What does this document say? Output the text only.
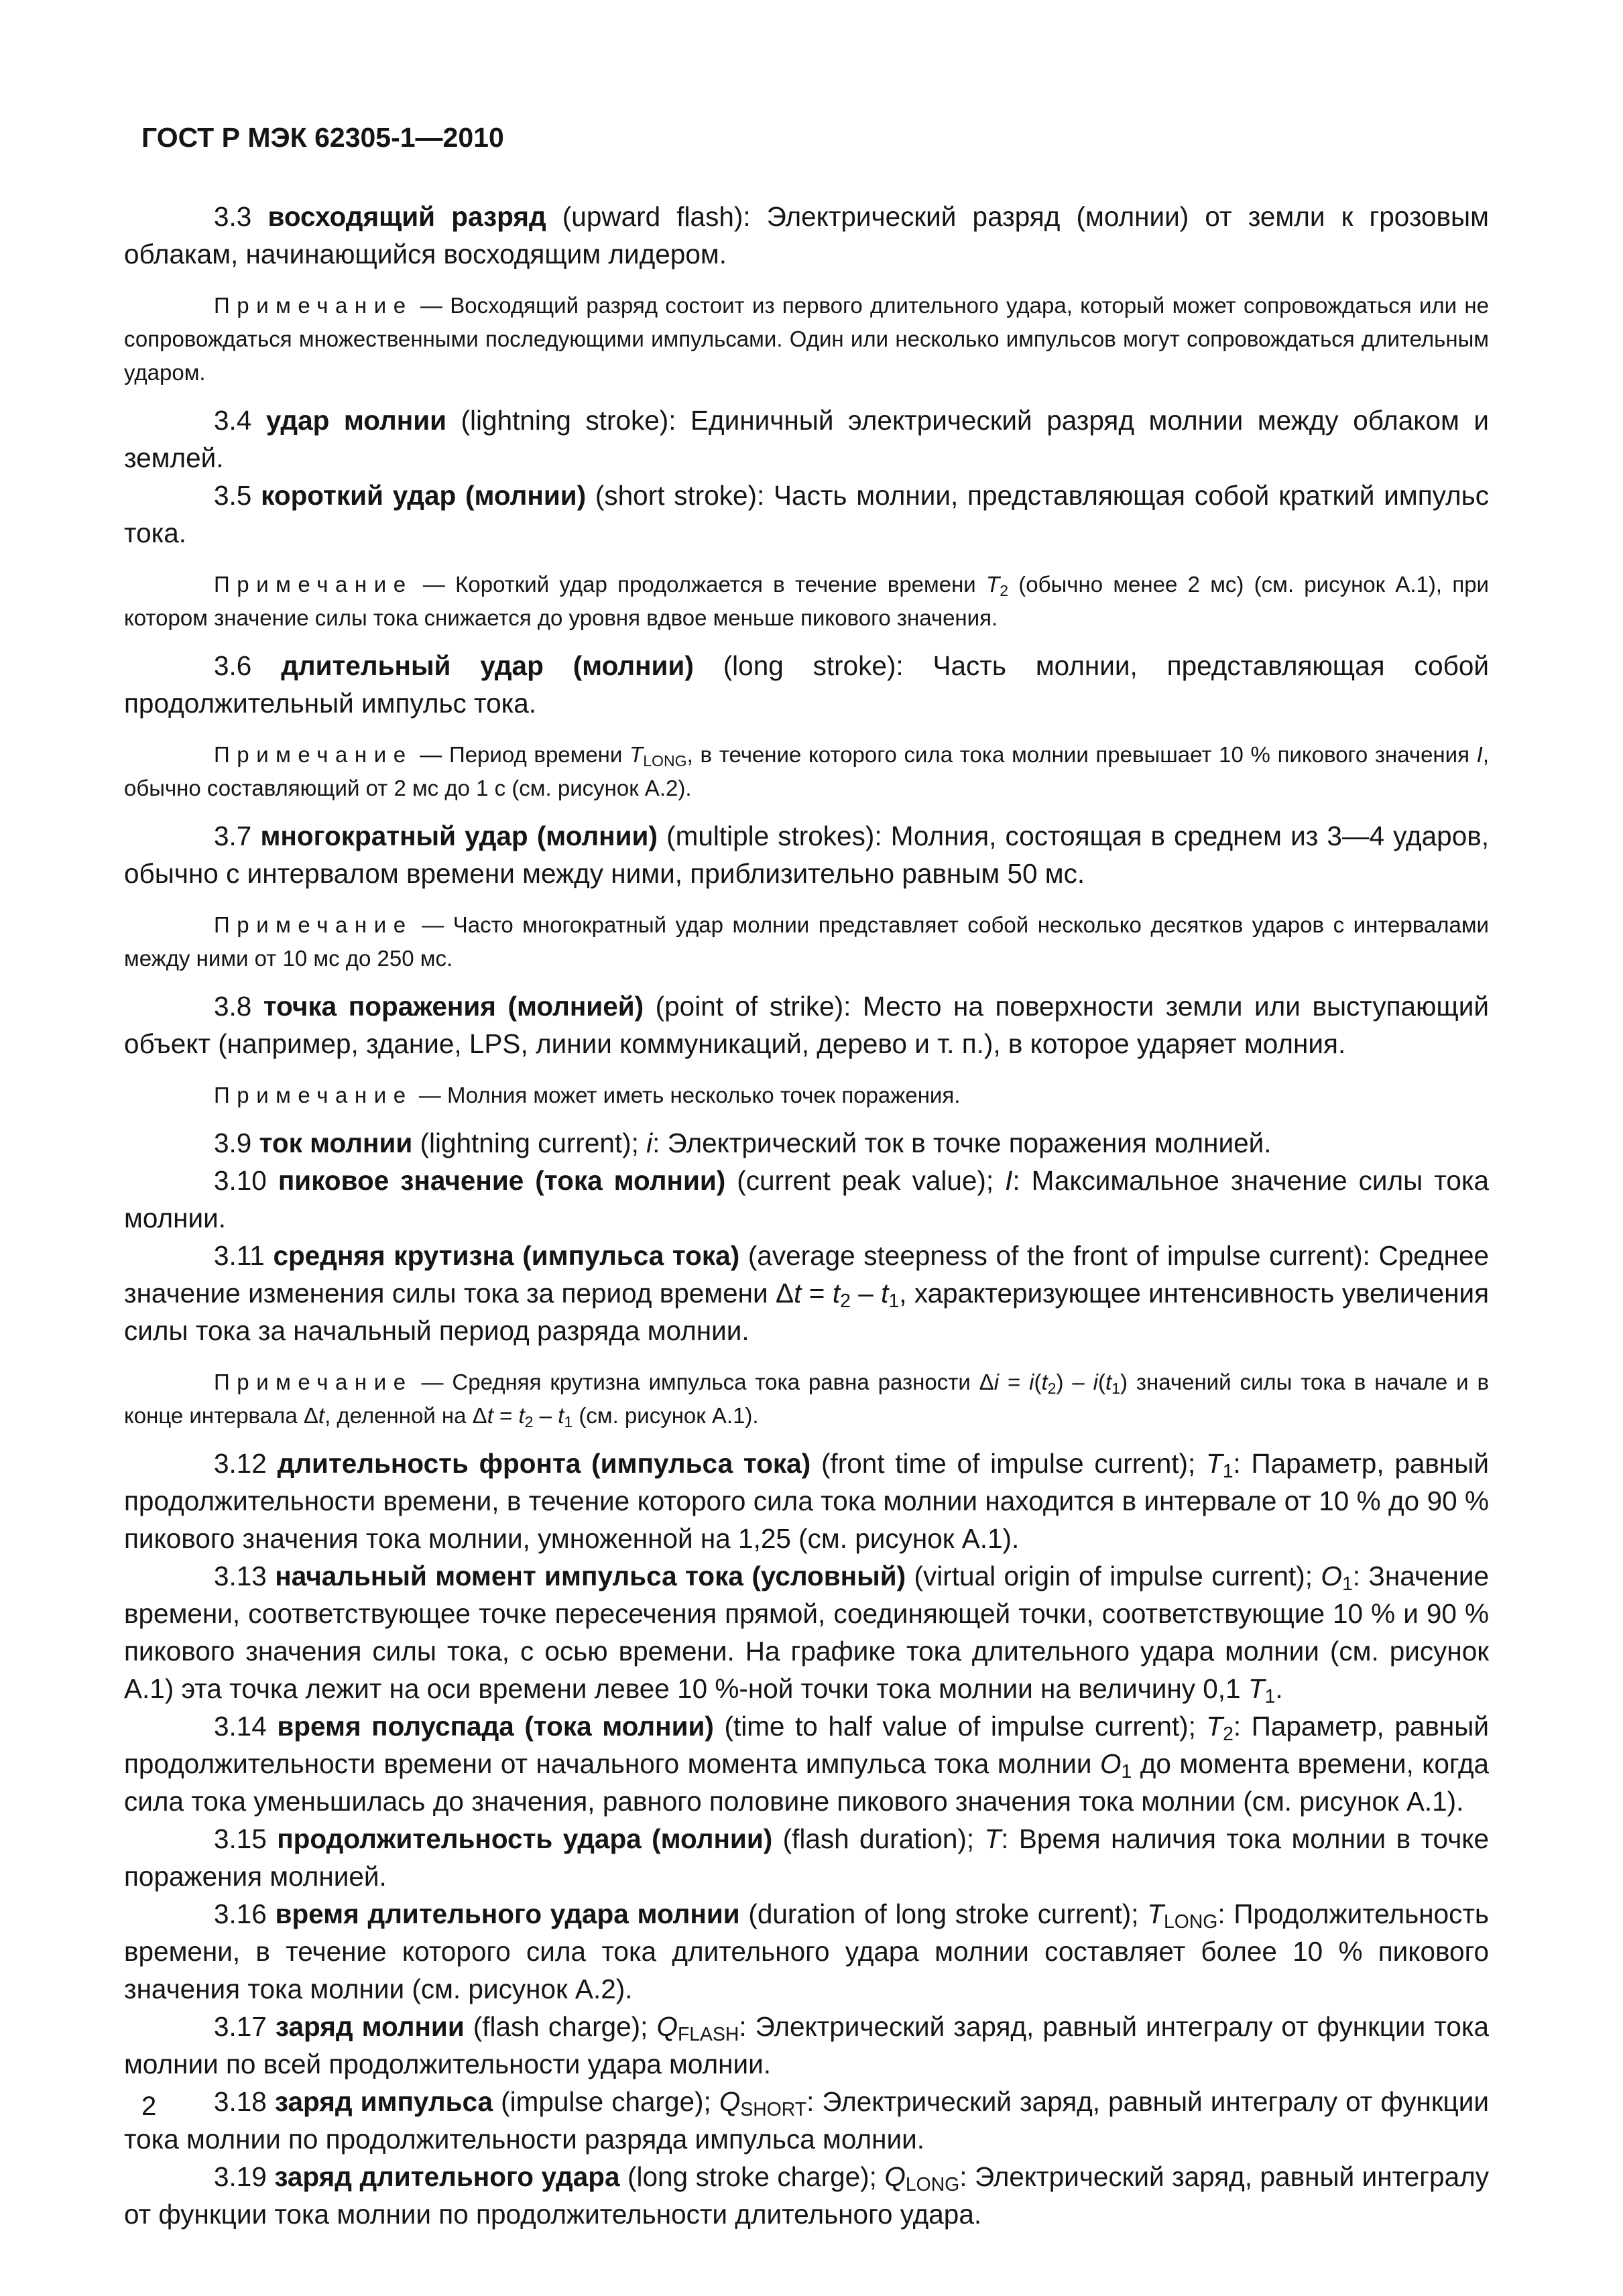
ГОСТ Р МЭК 62305-1—2010

3.3 восходящий разряд (upward flash): Электрический разряд (молнии) от земли к грозовым облакам, начинающийся восходящим лидером.

Примечание — Восходящий разряд состоит из первого длительного удара, который может сопровождаться или не сопровождаться множественными последующими импульсами. Один или несколько импульсов могут сопровождаться длительным ударом.

3.4 удар молнии (lightning stroke): Единичный электрический разряд молнии между облаком и землей.

3.5 короткий удар (молнии) (short stroke): Часть молнии, представляющая собой краткий импульс тока.

Примечание — Короткий удар продолжается в течение времени $T_2$ (обычно менее 2 мс) (см. рисунок А.1), при котором значение силы тока снижается до уровня вдвое меньше пикового значения.

3.6 длительный удар (молнии) (long stroke): Часть молнии, представляющая собой продолжительный импульс тока.

Примечание — Период времени $T_{LONG}$, в течение которого сила тока молнии превышает 10 % пикового значения I, обычно составляющий от 2 мс до 1 с (см. рисунок А.2).

3.7 многократный удар (молнии) (multiple strokes): Молния, состоящая в среднем из 3—4 ударов, обычно с интервалом времени между ними, приблизительно равным 50 мс.

Примечание — Часто многократный удар молнии представляет собой несколько десятков ударов с интервалами между ними от 10 мс до 250 мс.

3.8 точка поражения (молнией) (point of strike): Место на поверхности земли или выступающий объект (например, здание, LPS, линии коммуникаций, дерево и т. п.), в которое ударяет молния.

Примечание — Молния может иметь несколько точек поражения.

3.9 ток молнии (lightning current); i: Электрический ток в точке поражения молнией.

3.10 пиковое значение (тока молнии) (current peak value); I: Максимальное значение силы тока молнии.

3.11 средняя крутизна (импульса тока) (average steepness of the front of impulse current): Среднее значение изменения силы тока за период времени $\Delta t = t_2 - t_1$, характеризующее интенсивность увеличения силы тока за начальный период разряда молнии.

Примечание — Средняя крутизна импульса тока равна разности $\Delta i = i(t_2) - i(t_1)$ значений силы тока в начале и в конце интервала Δt, деленной на $\Delta t = t_2 - t_1$ (см. рисунок А.1).

3.12 длительность фронта (импульса тока) (front time of impulse current); $T_1$: Параметр, равный продолжительности времени, в течение которого сила тока молнии находится в интервале от 10 % до 90 % пикового значения тока молнии, умноженной на 1,25 (см. рисунок А.1).

3.13 начальный момент импульса тока (условный) (virtual origin of impulse current); $O_1$: Значение времени, соответствующее точке пересечения прямой, соединяющей точки, соответствующие 10 % и 90 % пикового значения силы тока, с осью времени. На графике тока длительного удара молнии (см. рисунок А.1) эта точка лежит на оси времени левее 10 %-ной точки тока молнии на величину 0,1 $T_1$.

3.14 время полуспада (тока молнии) (time to half value of impulse current); $T_2$: Параметр, равный продолжительности времени от начального момента импульса тока молнии $O_1$ до момента времени, когда сила тока уменьшилась до значения, равного половине пикового значения тока молнии (см. рисунок А.1).

3.15 продолжительность удара (молнии) (flash duration); T: Время наличия тока молнии в точке поражения молнией.

3.16 время длительного удара молнии (duration of long stroke current); $T_{LONG}$: Продолжительность времени, в течение которого сила тока длительного удара молнии составляет более 10 % пикового значения тока молнии (см. рисунок А.2).

3.17 заряд молнии (flash charge); $Q_{FLASH}$: Электрический заряд, равный интегралу от функции тока молнии по всей продолжительности удара молнии.

3.18 заряд импульса (impulse charge); $Q_{SHORT}$: Электрический заряд, равный интегралу от функции тока молнии по продолжительности разряда импульса молнии.

3.19 заряд длительного удара (long stroke charge); $Q_{LONG}$: Электрический заряд, равный интегралу от функции тока молнии по продолжительности длительного удара.

2
